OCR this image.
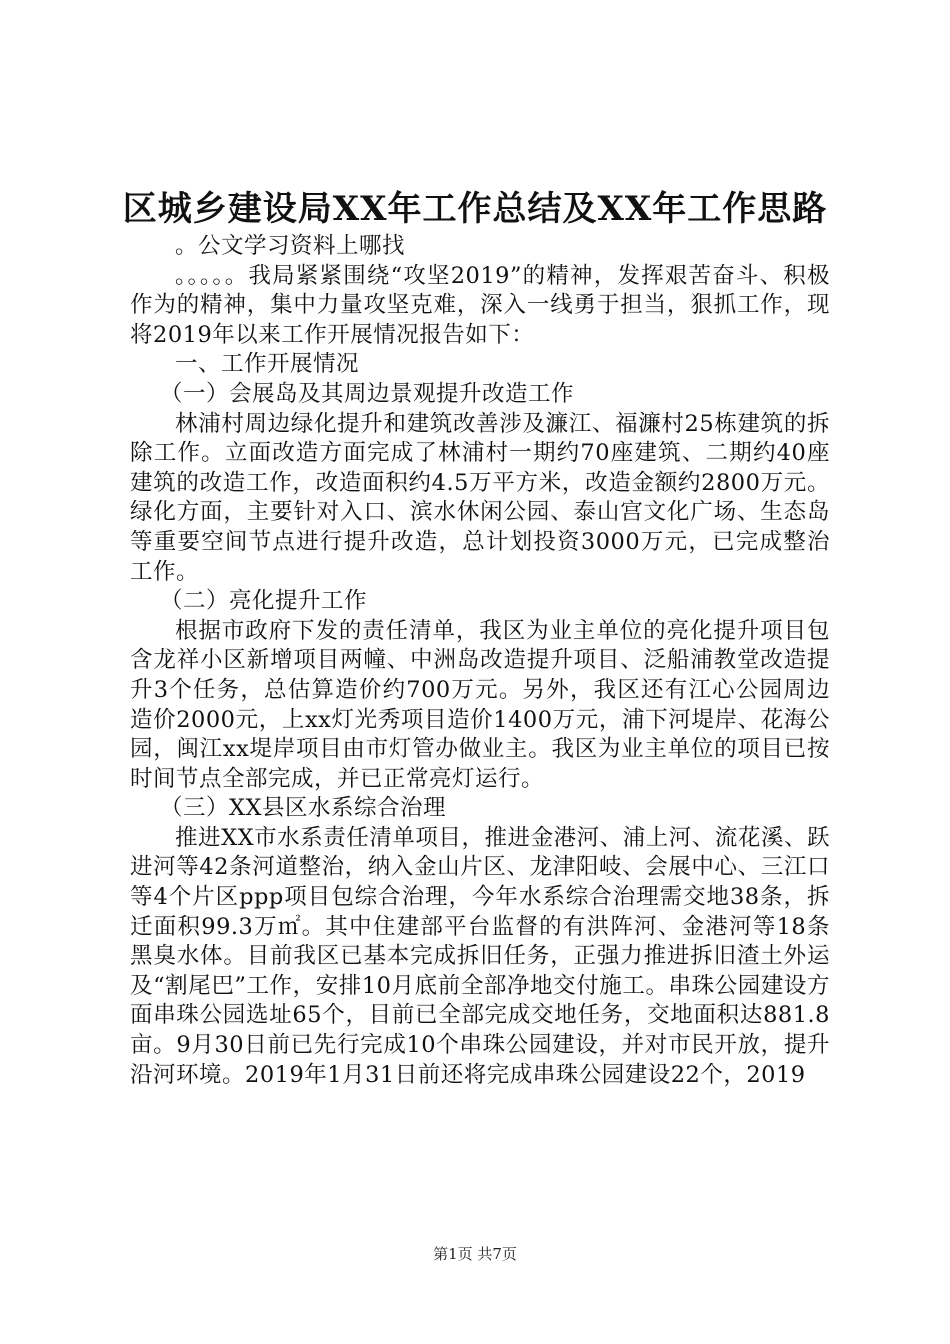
区城乡建设局XX年工作总结及XX年工作思路

。公文学习资料上哪找

。。。。。我局紧紧围绕“攻坚2019”的精神，发挥艰苦奋斗、积极作为的精神，集中力量攻坚克难，深入一线勇于担当，狠抓工作，现将2019年以来工作开展情况报告如下：

一、工作开展情况

（一）会展岛及其周边景观提升改造工作

林浦村周边绿化提升和建筑改善涉及濂江、福濂村25栋建筑的拆除工作。立面改造方面完成了林浦村一期约70座建筑、二期约40座建筑的改造工作，改造面积约4.5万平方米，改造金额约2800万元。绿化方面，主要针对入口、滨水休闲公园、泰山宫文化广场、生态岛等重要空间节点进行提升改造，总计划投资3000万元，已完成整治工作。

（二）亮化提升工作

根据市政府下发的责任清单，我区为业主单位的亮化提升项目包含龙祥小区新增项目两幢、中洲岛改造提升项目、泛船浦教堂改造提升3个任务，总估算造价约700万元。另外，我区还有江心公园周边造价2000元，上xx灯光秀项目造价1400万元，浦下河堤岸、花海公园，闽江xx堤岸项目由市灯管办做业主。我区为业主单位的项目已按时间节点全部完成，并已正常亮灯运行。

（三）XX县区水系综合治理

推进XX市水系责任清单项目，推进金港河、浦上河、流花溪、跃进河等42条河道整治，纳入金山片区、龙津阳岐、会展中心、三江口等4个片区ppp项目包综合治理，今年水系综合治理需交地38条，拆迁面积99.3万㎡。其中住建部平台监督的有洪阵河、金港河等18条黑臭水体。目前我区已基本完成拆旧任务，正强力推进拆旧渣土外运及“割尾巴”工作，安排10月底前全部净地交付施工。串珠公园建设方面串珠公园选址65个，目前已全部完成交地任务，交地面积达881.8亩。9月30日前已先行完成10个串珠公园建设，并对市民开放，提升沿河环境。2019年1月31日前还将完成串珠公园建设22个，2019

第1页 共7页
